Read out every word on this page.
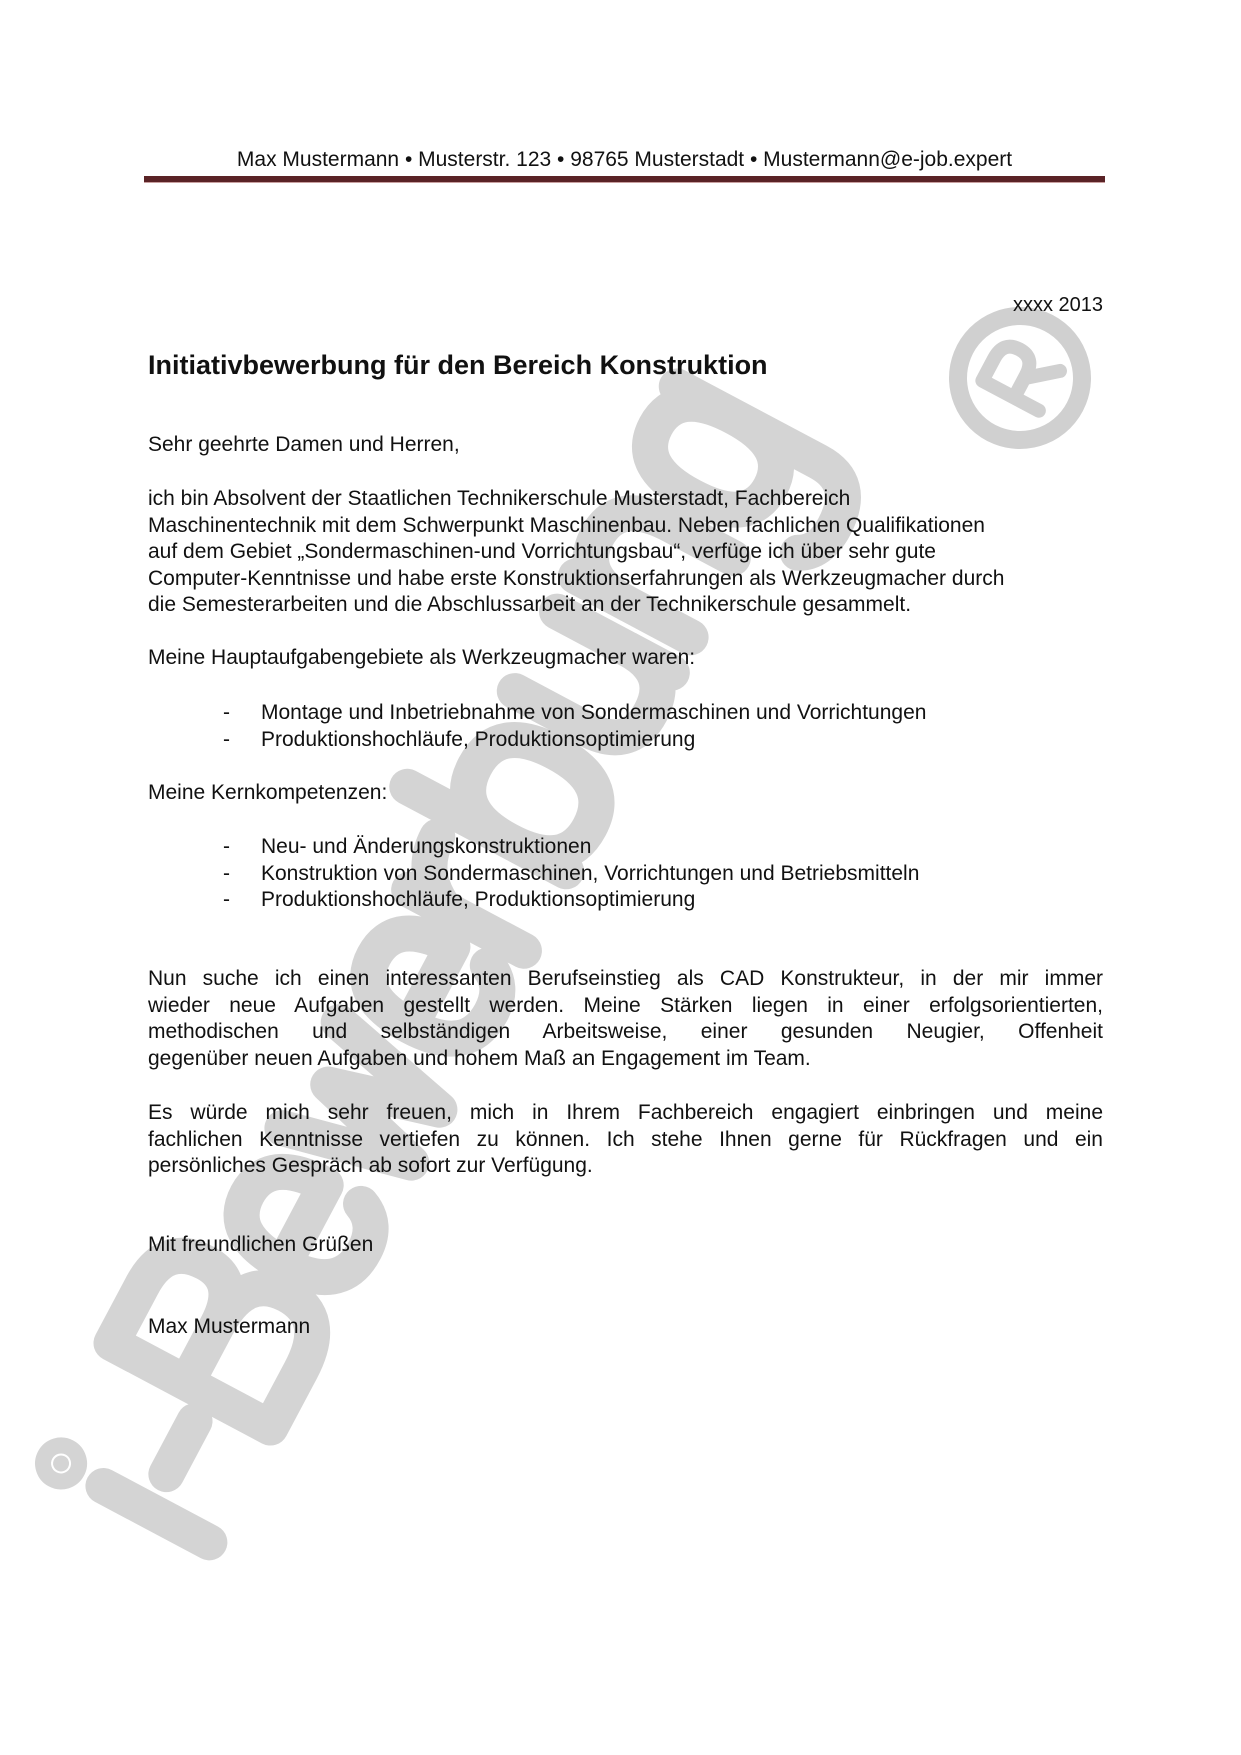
Max Mustermann • Musterstr. 123 • 98765 Musterstadt • Mustermann@e-job.expert
xxxx 2013
Initiativbewerbung für den Bereich Konstruktion
Sehr geehrte Damen und Herren,
ich bin Absolvent der Staatlichen Technikerschule Musterstadt, Fachbereich
Maschinentechnik mit dem Schwerpunkt Maschinenbau. Neben fachlichen Qualifikationen
auf dem Gebiet „Sondermaschinen-und Vorrichtungsbau“, verfüge ich über sehr gute
Computer-Kenntnisse und habe erste Konstruktionserfahrungen als Werkzeugmacher durch
die Semesterarbeiten und die Abschlussarbeit an der Technikerschule gesammelt.
Meine Hauptaufgabengebiete als Werkzeugmacher waren:
- Montage und Inbetriebnahme von Sondermaschinen und Vorrichtungen
- Produktionshochläufe, Produktionsoptimierung
Meine Kernkompetenzen:
- Neu- und Änderungskonstruktionen
- Konstruktion von Sondermaschinen, Vorrichtungen und Betriebsmitteln
- Produktionshochläufe, Produktionsoptimierung
Nun suche ich einen interessanten Berufseinstieg als CAD Konstrukteur, in der mir immer
wieder neue Aufgaben gestellt werden. Meine Stärken liegen in einer erfolgsorientierten,
methodischen und selbständigen Arbeitsweise, einer gesunden Neugier, Offenheit
gegenüber neuen Aufgaben und hohem Maß an Engagement im Team.
Es würde mich sehr freuen, mich in Ihrem Fachbereich engagiert einbringen und meine
fachlichen Kenntnisse vertiefen zu können. Ich stehe Ihnen gerne für Rückfragen und ein
persönliches Gespräch ab sofort zur Verfügung.
Mit freundlichen Grüßen
Max Mustermann
